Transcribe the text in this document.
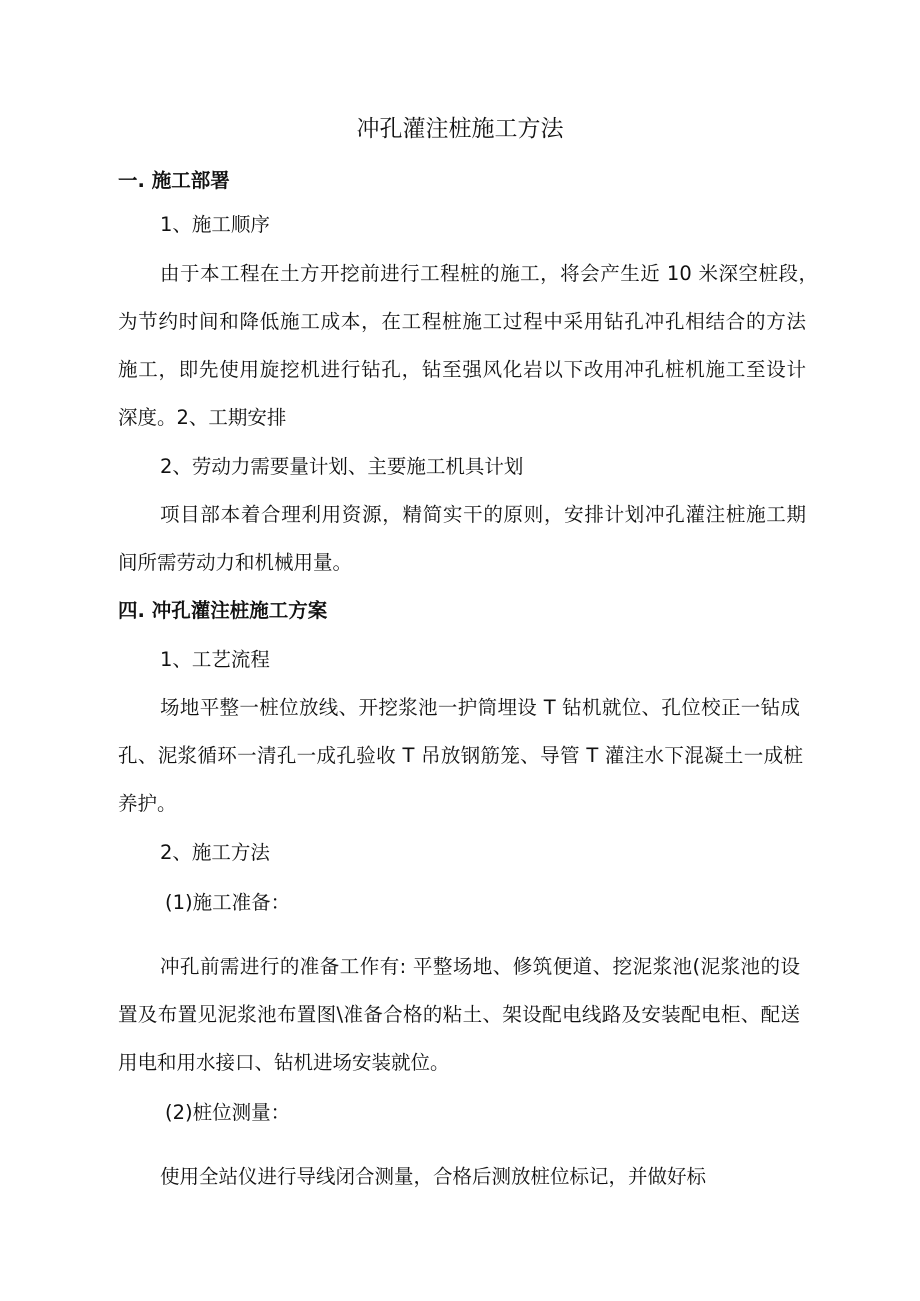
冲孔灌注桩施工方法
一. 施工部署
1、施工顺序
由于本工程在土方开挖前进行工程桩的施工，将会产生近 10 米深空桩段，
为节约时间和降低施工成本，在工程桩施工过程中采用钻孔冲孔相结合的方法
施工，即先使用旋挖机进行钻孔，钻至强风化岩以下改用冲孔桩机施工至设计
深度。2、工期安排
2、劳动力需要量计划、主要施工机具计划
项目部本着合理利用资源，精简实干的原则，安排计划冲孔灌注桩施工期
间所需劳动力和机械用量。
四. 冲孔灌注桩施工方案
1、工艺流程
场地平整一桩位放线、开挖浆池一护筒埋设 T 钻机就位、孔位校正一钻成
孔、泥浆循环一清孔一成孔验收 T 吊放钢筋笼、导管 T 灌注水下混凝土一成桩
养护。
2、施工方法
(1)施工准备：
冲孔前需进行的准备工作有: 平整场地、修筑便道、挖泥浆池(泥浆池的设
置及布置见泥浆池布置图\准备合格的粘土、架设配电线路及安装配电柜、配送
用电和用水接口、钻机进场安装就位。
(2)桩位测量：
使用全站仪进行导线闭合测量，合格后测放桩位标记，并做好标
